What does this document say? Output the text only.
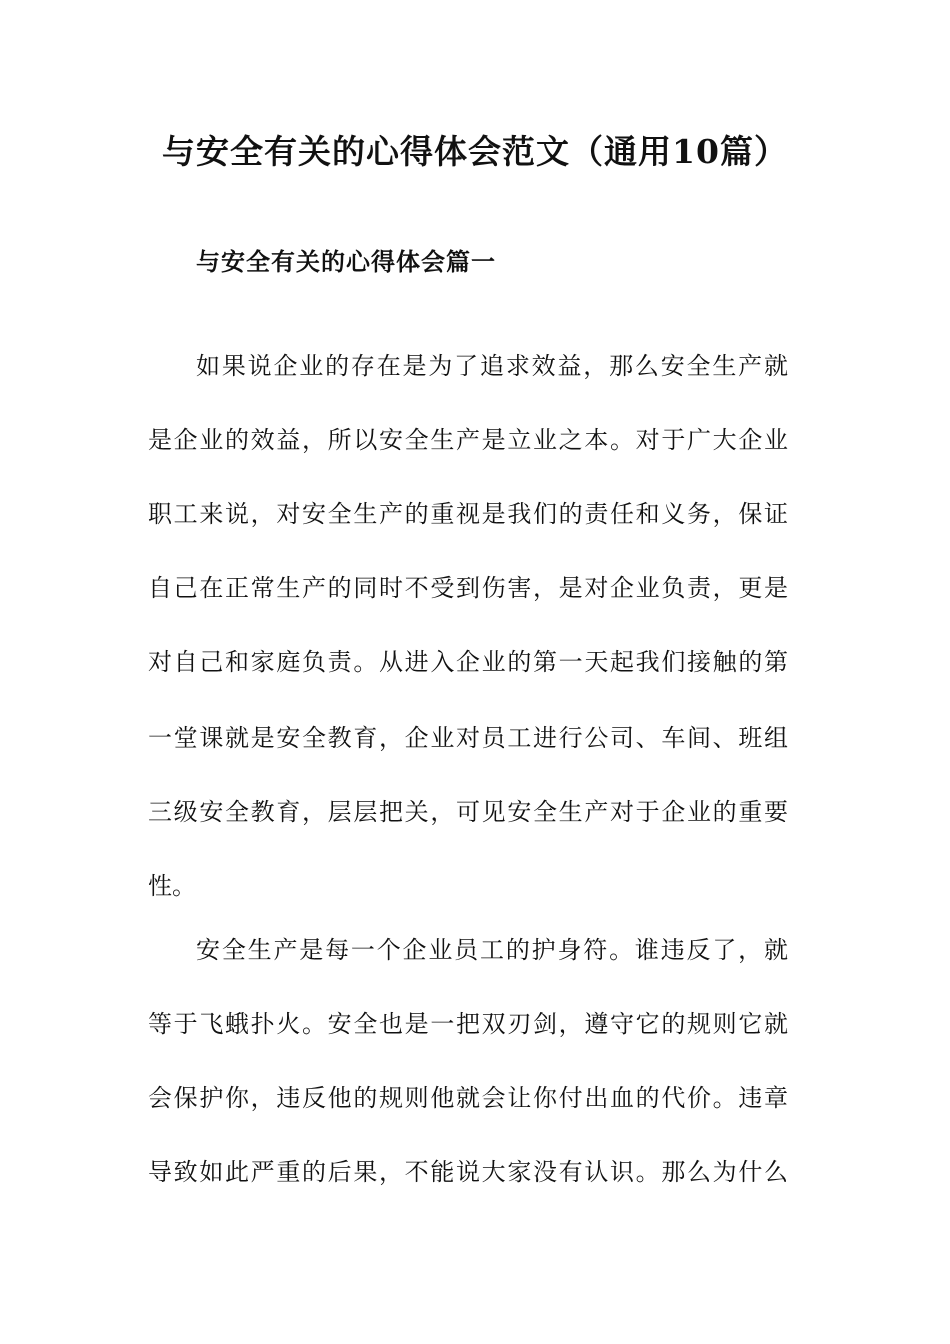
与安全有关的心得体会范文（通用10篇）
与安全有关的心得体会篇一

如果说企业的存在是为了追求效益，那么安全生产就

是企业的效益，所以安全生产是立业之本。对于广大企业

职工来说，对安全生产的重视是我们的责任和义务，保证

自己在正常生产的同时不受到伤害，是对企业负责，更是

对自己和家庭负责。从进入企业的第一天起我们接触的第

一堂课就是安全教育，企业对员工进行公司、车间、班组

三级安全教育，层层把关，可见安全生产对于企业的重要

性。

安全生产是每一个企业员工的护身符。谁违反了，就

等于飞蛾扑火。安全也是一把双刃剑，遵守它的规则它就

会保护你，违反他的规则他就会让你付出血的代价。违章

导致如此严重的后果，不能说大家没有认识。那么为什么
